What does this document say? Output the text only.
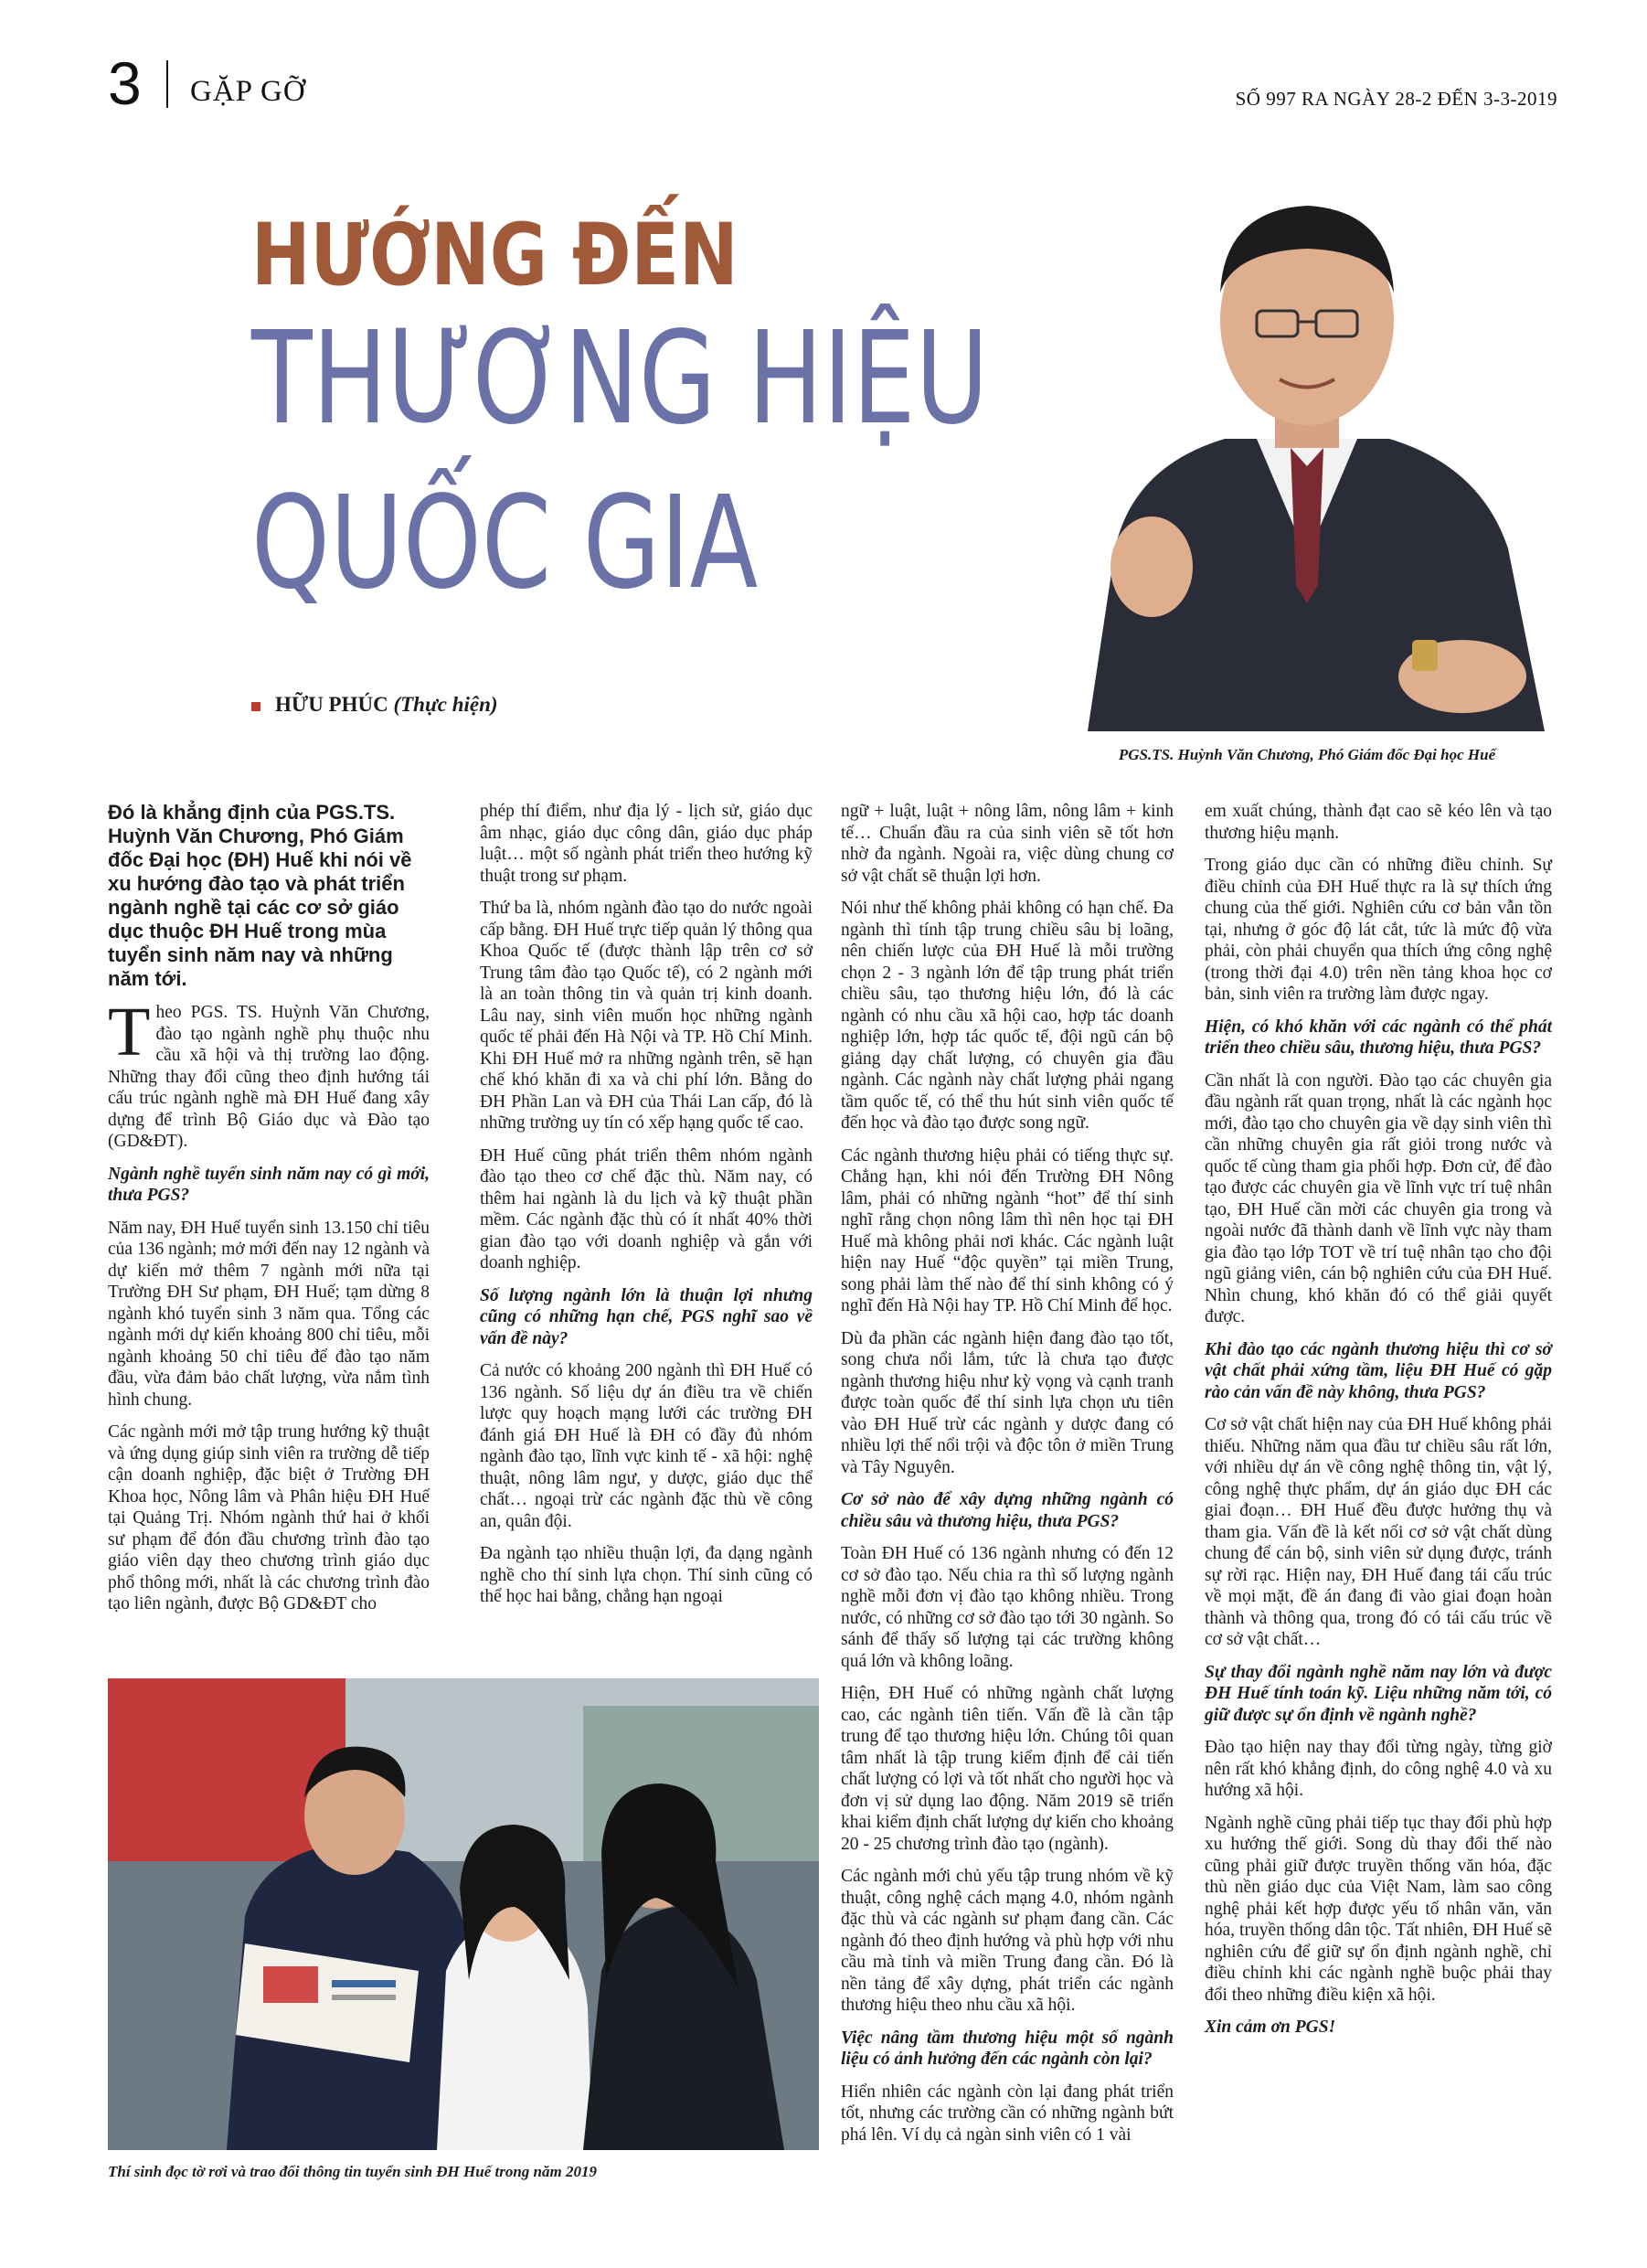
3 GẶP GỠ	SỐ 997 RA NGÀY 28-2 ĐẾN 3-3-2019
HƯỚNG ĐẾN
THƯƠNG HIỆU
QUỐC GIA
HỮU PHÚC (Thực hiện)
PGS.TS. Huỳnh Văn Chương, Phó Giám đốc Đại học Huế

Đó là khẳng định của PGS.TS. Huỳnh Văn Chương, Phó Giám đốc Đại học (ĐH) Huế khi nói về xu hướng đào tạo và phát triển ngành nghề tại các cơ sở giáo dục thuộc ĐH Huế trong mùa tuyển sinh năm nay và những năm tới.

Theo PGS. TS. Huỳnh Văn Chương, đào tạo ngành nghề phụ thuộc nhu cầu xã hội và thị trường lao động. Những thay đổi cũng theo định hướng tái cấu trúc ngành nghề mà ĐH Huế đang xây dựng để trình Bộ Giáo dục và Đào tạo (GD&ĐT).

Ngành nghề tuyển sinh năm nay có gì mới, thưa PGS?

Năm nay, ĐH Huế tuyển sinh 13.150 chỉ tiêu của 136 ngành; mở mới đến nay 12 ngành và dự kiến mở thêm 7 ngành mới nữa tại Trường ĐH Sư phạm, ĐH Huế; tạm dừng 8 ngành khó tuyển sinh 3 năm qua. Tổng các ngành mới dự kiến khoảng 800 chỉ tiêu, mỗi ngành khoảng 50 chỉ tiêu để đào tạo năm đầu, vừa đảm bảo chất lượng, vừa nắm tình hình chung.

Các ngành mới mở tập trung hướng kỹ thuật và ứng dụng giúp sinh viên ra trường dễ tiếp cận doanh nghiệp, đặc biệt ở Trường ĐH Khoa học, Nông lâm và Phân hiệu ĐH Huế tại Quảng Trị. Nhóm ngành thứ hai ở khối sư phạm để đón đầu chương trình đào tạo giáo viên dạy theo chương trình giáo dục phổ thông mới, nhất là các chương trình đào tạo liên ngành, được Bộ GD&ĐT cho

phép thí điểm, như địa lý - lịch sử, giáo dục âm nhạc, giáo dục công dân, giáo dục pháp luật… một số ngành phát triển theo hướng kỹ thuật trong sư phạm.

Thứ ba là, nhóm ngành đào tạo do nước ngoài cấp bằng. ĐH Huế trực tiếp quản lý thông qua Khoa Quốc tế (được thành lập trên cơ sở Trung tâm đào tạo Quốc tế), có 2 ngành mới là an toàn thông tin và quản trị kinh doanh. Lâu nay, sinh viên muốn học những ngành quốc tế phải đến Hà Nội và TP. Hồ Chí Minh. Khi ĐH Huế mở ra những ngành trên, sẽ hạn chế khó khăn đi xa và chi phí lớn. Bằng do ĐH Phần Lan và ĐH của Thái Lan cấp, đó là những trường uy tín có xếp hạng quốc tế cao.

ĐH Huế cũng phát triển thêm nhóm ngành đào tạo theo cơ chế đặc thù. Năm nay, có thêm hai ngành là du lịch và kỹ thuật phần mềm. Các ngành đặc thù có ít nhất 40% thời gian đào tạo với doanh nghiệp và gắn với doanh nghiệp.

Số lượng ngành lớn là thuận lợi nhưng cũng có những hạn chế, PGS nghĩ sao về vấn đề này?

Cả nước có khoảng 200 ngành thì ĐH Huế có 136 ngành. Số liệu dự án điều tra về chiến lược quy hoạch mạng lưới các trường ĐH đánh giá ĐH Huế là ĐH có đầy đủ nhóm ngành đào tạo, lĩnh vực kinh tế - xã hội: nghệ thuật, nông lâm ngư, y dược, giáo dục thể chất… ngoại trừ các ngành đặc thù về công an, quân đội.

Đa ngành tạo nhiều thuận lợi, đa dạng ngành nghề cho thí sinh lựa chọn. Thí sinh cũng có thể học hai bằng, chẳng hạn ngoại

ngữ + luật, luật + nông lâm, nông lâm + kinh tế… Chuẩn đầu ra của sinh viên sẽ tốt hơn nhờ đa ngành. Ngoài ra, việc dùng chung cơ sở vật chất sẽ thuận lợi hơn.

Nói như thế không phải không có hạn chế. Đa ngành thì tính tập trung chiều sâu bị loãng, nên chiến lược của ĐH Huế là mỗi trường chọn 2 - 3 ngành lớn để tập trung phát triển chiều sâu, tạo thương hiệu lớn, đó là các ngành có nhu cầu xã hội cao, hợp tác doanh nghiệp lớn, hợp tác quốc tế, đội ngũ cán bộ giảng dạy chất lượng, có chuyên gia đầu ngành. Các ngành này chất lượng phải ngang tầm quốc tế, có thể thu hút sinh viên quốc tế đến học và đào tạo được song ngữ.

Các ngành thương hiệu phải có tiếng thực sự. Chẳng hạn, khi nói đến Trường ĐH Nông lâm, phải có những ngành “hot” để thí sinh nghĩ rằng chọn nông lâm thì nên học tại ĐH Huế mà không phải nơi khác. Các ngành luật hiện nay Huế “độc quyền” tại miền Trung, song phải làm thế nào để thí sinh không có ý nghĩ đến Hà Nội hay TP. Hồ Chí Minh để học.

Dù đa phần các ngành hiện đang đào tạo tốt, song chưa nổi lắm, tức là chưa tạo được ngành thương hiệu như kỳ vọng và cạnh tranh được toàn quốc để thí sinh lựa chọn ưu tiên vào ĐH Huế trừ các ngành y dược đang có nhiều lợi thế nổi trội và độc tôn ở miền Trung và Tây Nguyên.

Cơ sở nào để xây dựng những ngành có chiều sâu và thương hiệu, thưa PGS?

Toàn ĐH Huế có 136 ngành nhưng có đến 12 cơ sở đào tạo. Nếu chia ra thì số lượng ngành nghề mỗi đơn vị đào tạo không nhiều. Trong nước, có những cơ sở đào tạo tới 30 ngành. So sánh để thấy số lượng tại các trường không quá lớn và không loãng.

Hiện, ĐH Huế có những ngành chất lượng cao, các ngành tiên tiến. Vấn đề là cần tập trung để tạo thương hiệu lớn. Chúng tôi quan tâm nhất là tập trung kiểm định để cải tiến chất lượng có lợi và tốt nhất cho người học và đơn vị sử dụng lao động. Năm 2019 sẽ triển khai kiểm định chất lượng dự kiến cho khoảng 20 - 25 chương trình đào tạo (ngành).

Các ngành mới chủ yếu tập trung nhóm về kỹ thuật, công nghệ cách mạng 4.0, nhóm ngành đặc thù và các ngành sư phạm đang cần. Các ngành đó theo định hướng và phù hợp với nhu cầu mà tỉnh và miền Trung đang cần. Đó là nền tảng để xây dựng, phát triển các ngành thương hiệu theo nhu cầu xã hội.

Việc nâng tầm thương hiệu một số ngành liệu có ảnh hưởng đến các ngành còn lại?

Hiển nhiên các ngành còn lại đang phát triển tốt, nhưng các trường cần có những ngành bứt phá lên. Ví dụ cả ngàn sinh viên có 1 vài

em xuất chúng, thành đạt cao sẽ kéo lên và tạo thương hiệu mạnh.

Trong giáo dục cần có những điều chỉnh. Sự điều chỉnh của ĐH Huế thực ra là sự thích ứng chung của thế giới. Nghiên cứu cơ bản vẫn tồn tại, nhưng ở góc độ lát cắt, tức là mức độ vừa phải, còn phải chuyển qua thích ứng công nghệ (trong thời đại 4.0) trên nền tảng khoa học cơ bản, sinh viên ra trường làm được ngay.

Hiện, có khó khăn với các ngành có thể phát triển theo chiều sâu, thương hiệu, thưa PGS?

Cần nhất là con người. Đào tạo các chuyên gia đầu ngành rất quan trọng, nhất là các ngành học mới, đào tạo cho chuyên gia về dạy sinh viên thì cần những chuyên gia rất giỏi trong nước và quốc tế cùng tham gia phối hợp. Đơn cử, để đào tạo được các chuyên gia về lĩnh vực trí tuệ nhân tạo, ĐH Huế cần mời các chuyên gia trong và ngoài nước đã thành danh về lĩnh vực này tham gia đào tạo lớp TOT về trí tuệ nhân tạo cho đội ngũ giảng viên, cán bộ nghiên cứu của ĐH Huế. Nhìn chung, khó khăn đó có thể giải quyết được.

Khi đào tạo các ngành thương hiệu thì cơ sở vật chất phải xứng tầm, liệu ĐH Huế có gặp rào cản vấn đề này không, thưa PGS?

Cơ sở vật chất hiện nay của ĐH Huế không phải thiếu. Những năm qua đầu tư chiều sâu rất lớn, với nhiều dự án về công nghệ thông tin, vật lý, công nghệ thực phẩm, dự án giáo dục ĐH các giai đoạn… ĐH Huế đều được hưởng thụ và tham gia. Vấn đề là kết nối cơ sở vật chất dùng chung để cán bộ, sinh viên sử dụng được, tránh sự rời rạc. Hiện nay, ĐH Huế đang tái cấu trúc về mọi mặt, đề án đang đi vào giai đoạn hoàn thành và thông qua, trong đó có tái cấu trúc về cơ sở vật chất…

Sự thay đổi ngành nghề năm nay lớn và được ĐH Huế tính toán kỹ. Liệu những năm tới, có giữ được sự ổn định về ngành nghề?

Đào tạo hiện nay thay đổi từng ngày, từng giờ nên rất khó khẳng định, do công nghệ 4.0 và xu hướng xã hội.

Ngành nghề cũng phải tiếp tục thay đổi phù hợp xu hướng thế giới. Song dù thay đổi thế nào cũng phải giữ được truyền thống văn hóa, đặc thù nền giáo dục của Việt Nam, làm sao công nghệ phải kết hợp được yếu tố nhân văn, văn hóa, truyền thống dân tộc. Tất nhiên, ĐH Huế sẽ nghiên cứu để giữ sự ổn định ngành nghề, chỉ điều chỉnh khi các ngành nghề buộc phải thay đổi theo những điều kiện xã hội.

Xin cảm ơn PGS!

Thí sinh đọc tờ rơi và trao đổi thông tin tuyển sinh ĐH Huế trong năm 2019
